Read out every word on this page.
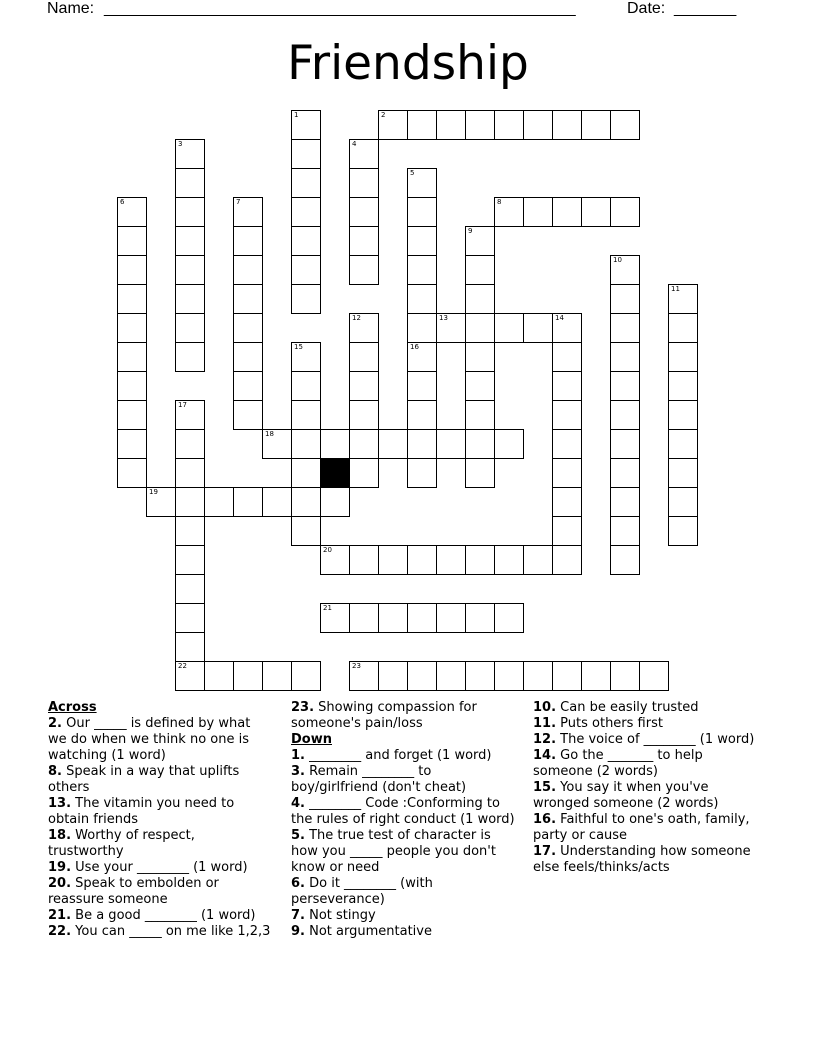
Name: _____________________________________________________	Date: _______
Friendship
2
8
13	14
18
19
20
21
22	23
1
3	4
5
16
6	7
9
10
11
12
15
17
Across

2. Our _____ is defined by what we do when we think no one is watching (1 word)

8. Speak in a way that uplifts others

13. The vitamin you need to obtain friends

18. Worthy of respect, trustworthy

19. Use your ________ (1 word)

20. Speak to embolden or reassure someone

21. Be a good ________ (1 word)

22. You can _____ on me like 1,2,3

23. Showing compassion for someone's pain/loss

Down

1. ________ and forget (1 word)

3. Remain ________ to boy/girlfriend (don't cheat)

4. ________ Code :Conforming to the rules of right conduct (1 word)

5. The true test of character is how you _____ people you don't know or need

6. Do it ________ (with perseverance)

7. Not stingy

9. Not argumentative

10. Can be easily trusted

11. Puts others first

12. The voice of ________ (1 word)

14. Go the _______ to help someone (2 words)

15. You say it when you've wronged someone (2 words)

16. Faithful to one's oath, family, party or cause

17. Understanding how someone else feels/thinks/acts
